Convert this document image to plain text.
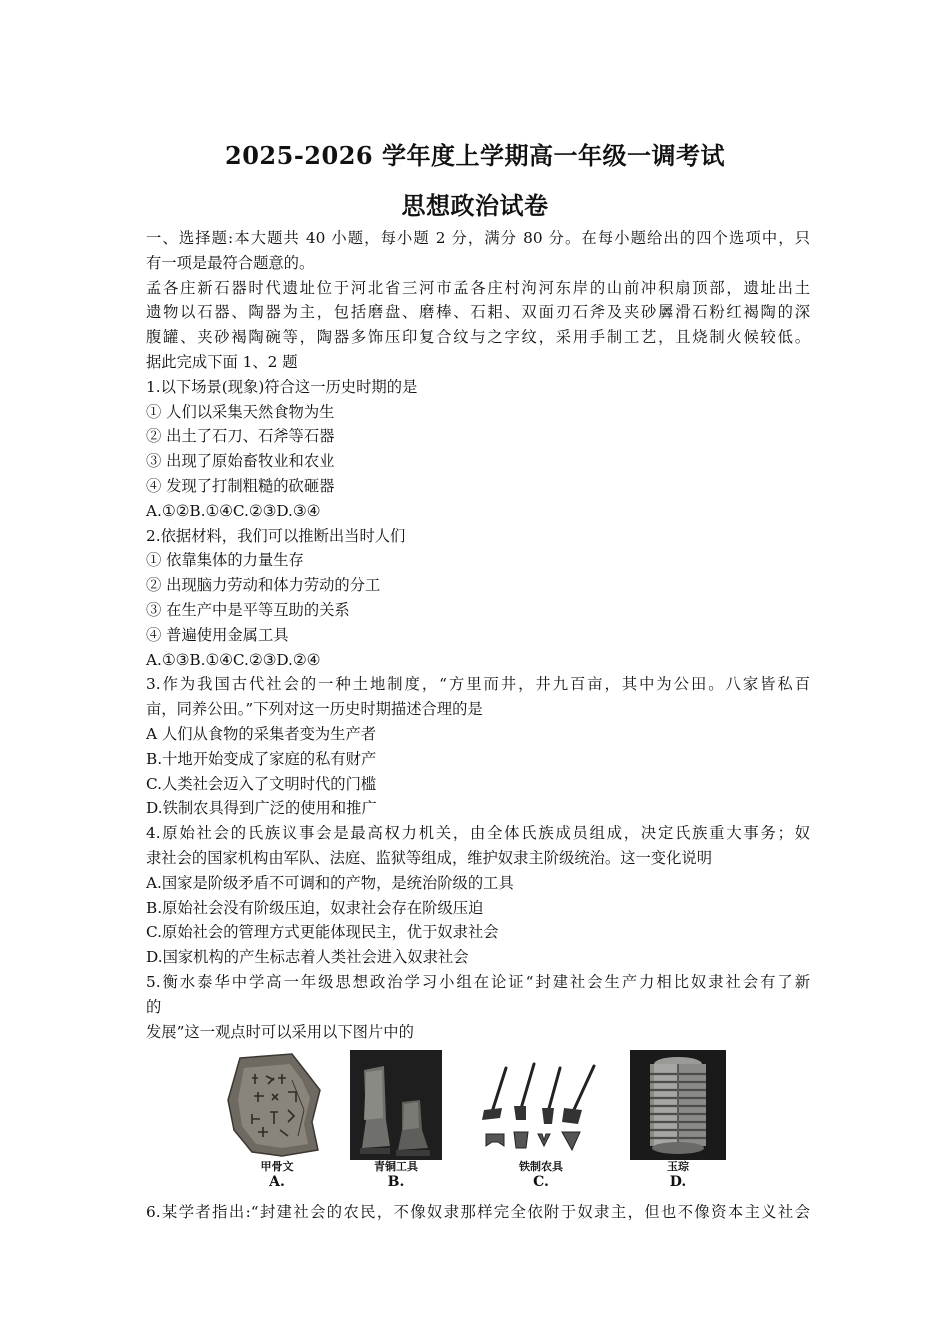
2025-2026 学年度上学期高一年级一调考试
思想政治试卷
一、选择题:本大题共 40 小题，每小题 2 分，满分 80 分。在每小题给出的四个选项中，只
有一项是最符合题意的。
孟各庄新石器时代遗址位于河北省三河市孟各庄村泃河东岸的山前冲积扇顶部，遗址出土
遗物以石器、陶器为主，包括磨盘、磨棒、石耜、双面刃石斧及夹砂羼滑石粉红褐陶的深
腹罐、夹砂褐陶碗等，陶器多饰压印复合纹与之字纹，采用手制工艺，且烧制火候较低。
据此完成下面 1、2 题
1.以下场景(现象)符合这一历史时期的是
① 人们以采集天然食物为生
② 出土了石刀、石斧等石器
③ 出现了原始畜牧业和农业
④ 发现了打制粗糙的砍砸器
A.①②B.①④C.②③D.③④
2.依据材料，我们可以推断出当时人们
① 依靠集体的力量生存
② 出现脑力劳动和体力劳动的分工
③ 在生产中是平等互助的关系
④ 普遍使用金属工具
A.①③B.①④C.②③D.②④
3.作为我国古代社会的一种土地制度，“方里而井，井九百亩，其中为公田。八家皆私百
亩，同养公田。”下列对这一历史时期描述合理的是
A 人们从食物的采集者变为生产者
B.十地开始变成了家庭的私有财产
C.人类社会迈入了文明时代的门槛
D.铁制农具得到广泛的使用和推广
4.原始社会的氏族议事会是最高权力机关，由全体氏族成员组成，决定氏族重大事务；奴
隶社会的国家机构由军队、法庭、监狱等组成，维护奴隶主阶级统治。这一变化说明
A.国家是阶级矛盾不可调和的产物，是统治阶级的工具
B.原始社会没有阶级压迫，奴隶社会存在阶级压迫
C.原始社会的管理方式更能体现民主，优于奴隶社会
D.国家机构的产生标志着人类社会进入奴隶社会
5.衡水泰华中学高一年级思想政治学习小组在论证“封建社会生产力相比奴隶社会有了新
的
发展”这一观点时可以采用以下图片中的
甲骨文
A.
青铜工具
B.
铁制农具
C.
玉琮
D.
6.某学者指出:“封建社会的农民，不像奴隶那样完全依附于奴隶主，但也不像资本主义社会
